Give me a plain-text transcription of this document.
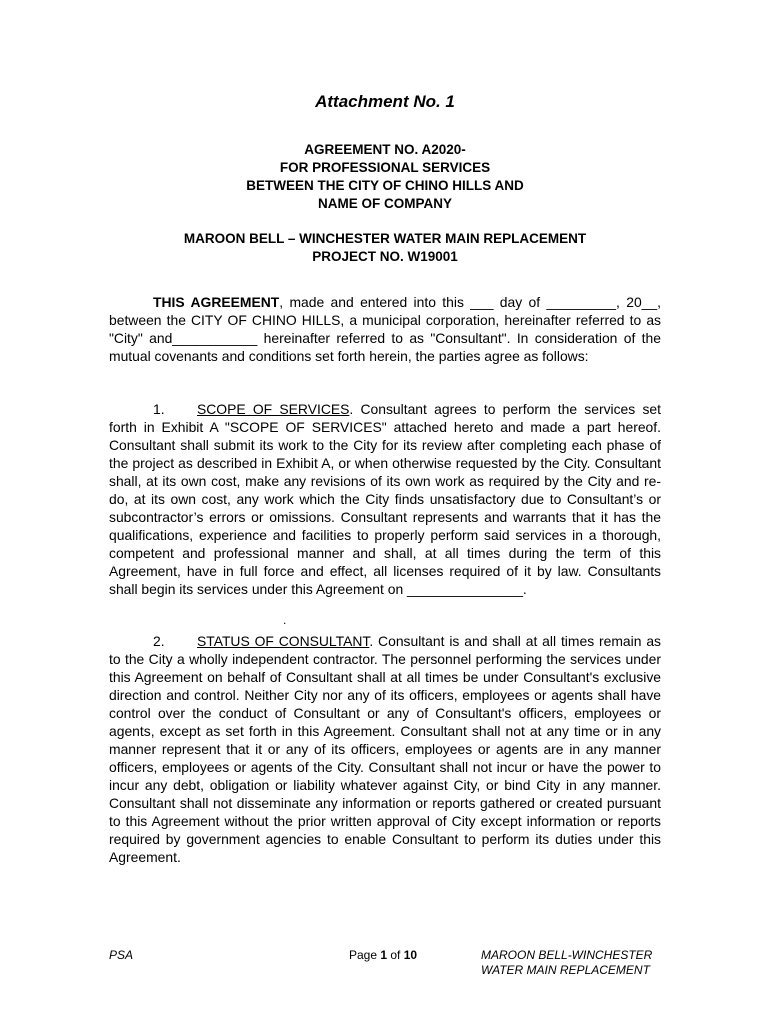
Attachment No. 1
AGREEMENT NO. A2020-
FOR PROFESSIONAL SERVICES
BETWEEN THE CITY OF CHINO HILLS AND
NAME OF COMPANY
MAROON BELL – WINCHESTER WATER MAIN REPLACEMENT
PROJECT NO. W19001
THIS AGREEMENT, made and entered into this ___ day of _________, 20__, between the CITY OF CHINO HILLS, a municipal corporation, hereinafter referred to as "City" and___________ hereinafter referred to as "Consultant". In consideration of the mutual covenants and conditions set forth herein, the parties agree as follows:
1. SCOPE OF SERVICES. Consultant agrees to perform the services set forth in Exhibit A "SCOPE OF SERVICES" attached hereto and made a part hereof. Consultant shall submit its work to the City for its review after completing each phase of the project as described in Exhibit A, or when otherwise requested by the City. Consultant shall, at its own cost, make any revisions of its own work as required by the City and re-do, at its own cost, any work which the City finds unsatisfactory due to Consultant’s or subcontractor’s errors or omissions. Consultant represents and warrants that it has the qualifications, experience and facilities to properly perform said services in a thorough, competent and professional manner and shall, at all times during the term of this Agreement, have in full force and effect, all licenses required of it by law. Consultants shall begin its services under this Agreement on _______________.
.
2. STATUS OF CONSULTANT. Consultant is and shall at all times remain as to the City a wholly independent contractor. The personnel performing the services under this Agreement on behalf of Consultant shall at all times be under Consultant's exclusive direction and control. Neither City nor any of its officers, employees or agents shall have control over the conduct of Consultant or any of Consultant's officers, employees or agents, except as set forth in this Agreement. Consultant shall not at any time or in any manner represent that it or any of its officers, employees or agents are in any manner officers, employees or agents of the City. Consultant shall not incur or have the power to incur any debt, obligation or liability whatever against City, or bind City in any manner. Consultant shall not disseminate any information or reports gathered or created pursuant to this Agreement without the prior written approval of City except information or reports required by government agencies to enable Consultant to perform its duties under this Agreement.
PSA	Page 1 of 10	MAROON BELL-WINCHESTER
WATER MAIN REPLACEMENT
